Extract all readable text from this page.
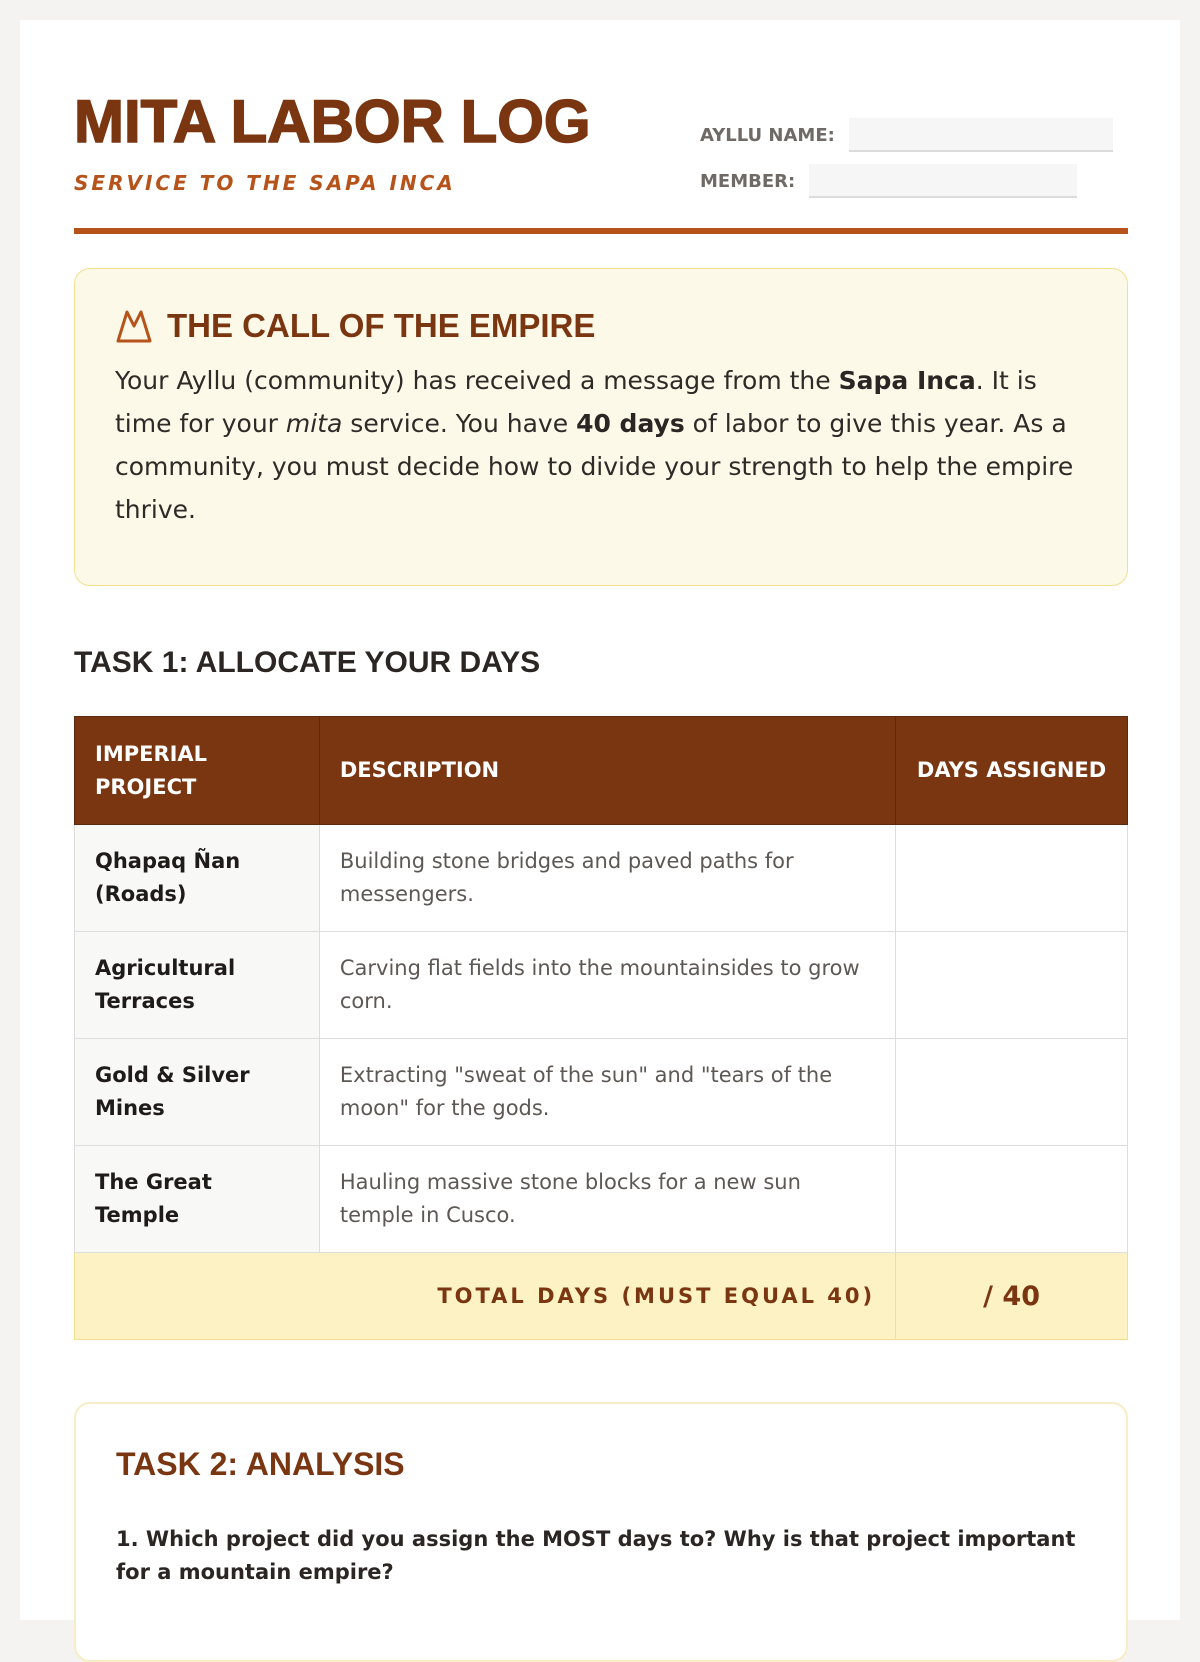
MITA LABOR LOG
SERVICE TO THE SAPA INCA
AYLLU NAME:
MEMBER:
THE CALL OF THE EMPIRE

Your Ayllu (community) has received a message from the Sapa Inca. It is time for your mita service. You have 40 days of labor to give this year. As a community, you must decide how to divide your strength to help the empire thrive.

TASK 1: ALLOCATE YOUR DAYS
IMPERIAL PROJECT	DESCRIPTION	DAYS ASSIGNED
Qhapaq Ñan (Roads)	Building stone bridges and paved paths for messengers.	
Agricultural Terraces	Carving flat fields into the mountainsides to grow corn.	
Gold & Silver Mines	Extracting "sweat of the sun" and "tears of the moon" for the gods.	
The Great Temple	Hauling massive stone blocks for a new sun temple in Cusco.	
TOTAL DAYS (MUST EQUAL 40)		/ 40
TASK 2: ANALYSIS
1. Which project did you assign the MOST days to? Why is that project important for a mountain empire?
